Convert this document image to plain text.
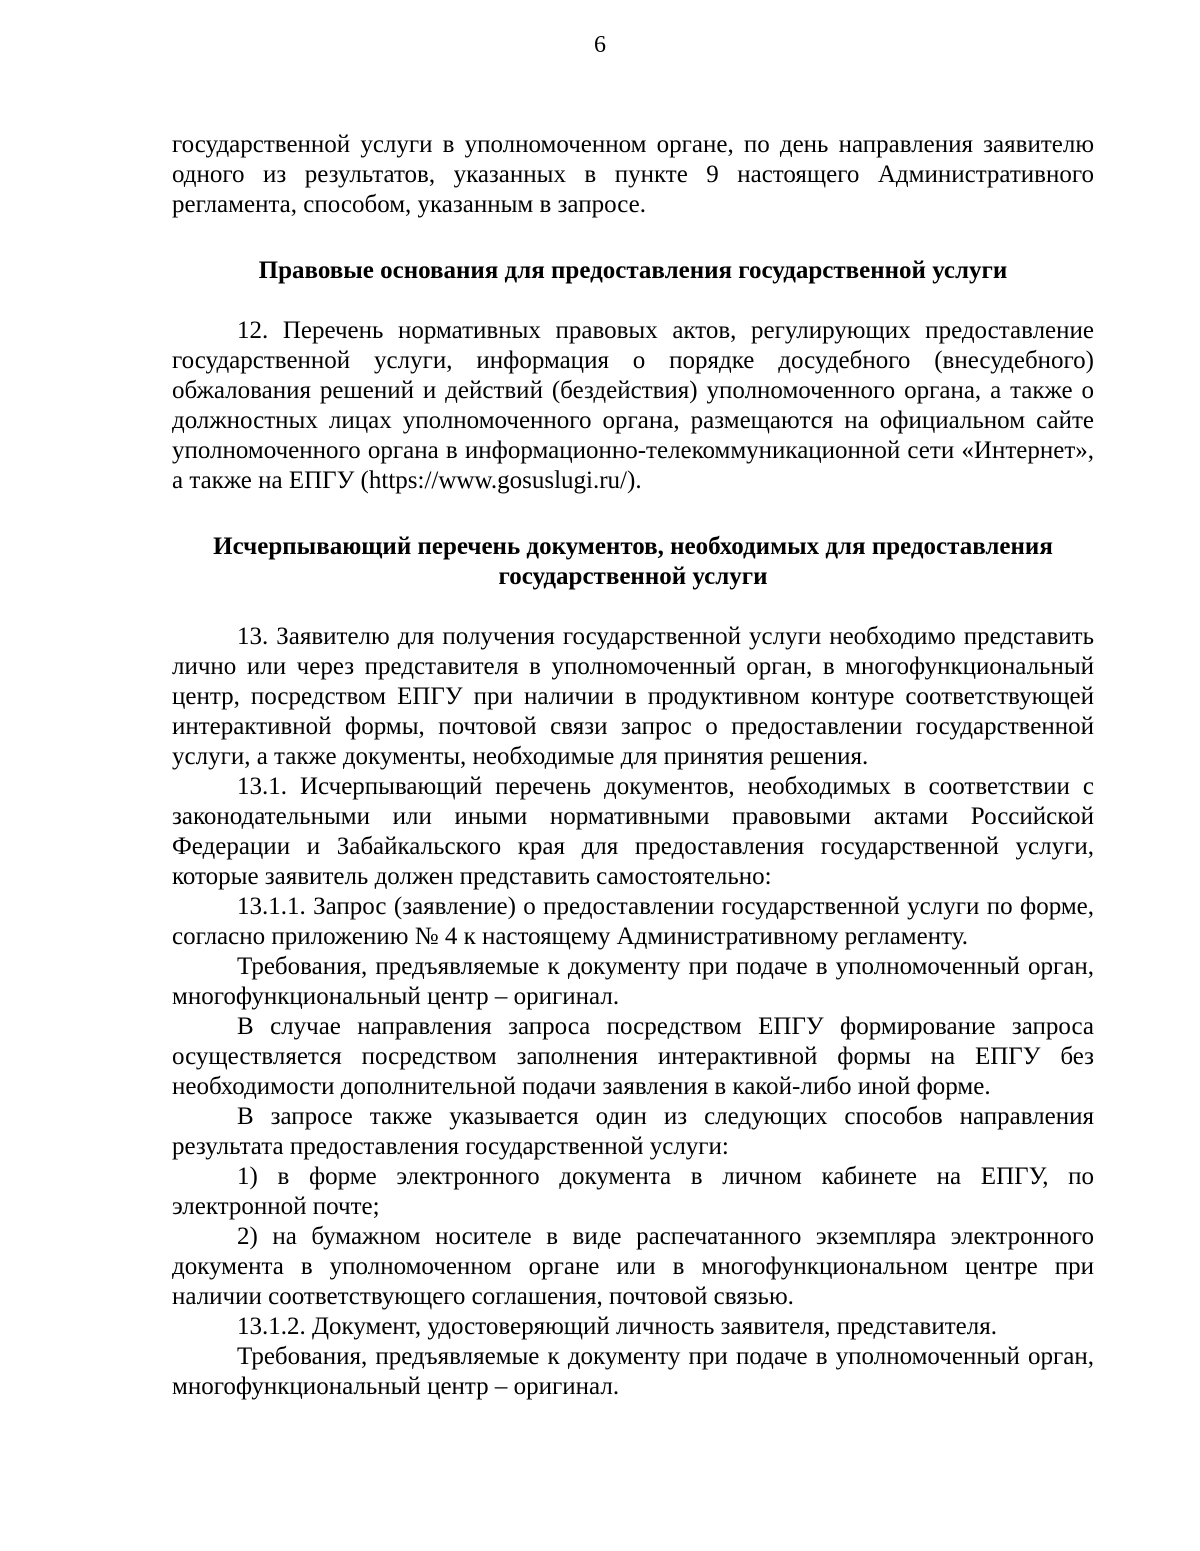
6

государственной услуги в уполномоченном органе, по день направления заявителю одного из результатов, указанных в пункте 9 настоящего Административного регламента, способом, указанным в запросе.

Правовые основания для предоставления государственной услуги

12. Перечень нормативных правовых актов, регулирующих предоставление государственной услуги, информация о порядке досудебного (внесудебного) обжалования решений и действий (бездействия) уполномоченного органа, а также о должностных лицах уполномоченного органа, размещаются на официальном сайте уполномоченного органа в информационно-телекоммуникационной сети «Интернет», а также на ЕПГУ (https://www.gosuslugi.ru/).

Исчерпывающий перечень документов, необходимых для предоставления государственной услуги

13. Заявителю для получения государственной услуги необходимо представить лично или через представителя в уполномоченный орган, в многофункциональный центр, посредством ЕПГУ при наличии в продуктивном контуре соответствующей интерактивной формы, почтовой связи запрос о предоставлении государственной услуги, а также документы, необходимые для принятия решения.

13.1. Исчерпывающий перечень документов, необходимых в соответствии с законодательными или иными нормативными правовыми актами Российской Федерации и Забайкальского края для предоставления государственной услуги, которые заявитель должен представить самостоятельно:

13.1.1. Запрос (заявление) о предоставлении государственной услуги по форме, согласно приложению № 4 к настоящему Административному регламенту.

Требования, предъявляемые к документу при подаче в уполномоченный орган, многофункциональный центр – оригинал.

В случае направления запроса посредством ЕПГУ формирование запроса осуществляется посредством заполнения интерактивной формы на ЕПГУ без необходимости дополнительной подачи заявления в какой-либо иной форме.

В запросе также указывается один из следующих способов направления результата предоставления государственной услуги:

1) в форме электронного документа в личном кабинете на ЕПГУ, по электронной почте;

2) на бумажном носителе в виде распечатанного экземпляра электронного документа в уполномоченном органе или в многофункциональном центре при наличии соответствующего соглашения, почтовой связью.

13.1.2. Документ, удостоверяющий личность заявителя, представителя.

Требования, предъявляемые к документу при подаче в уполномоченный орган, многофункциональный центр – оригинал.
